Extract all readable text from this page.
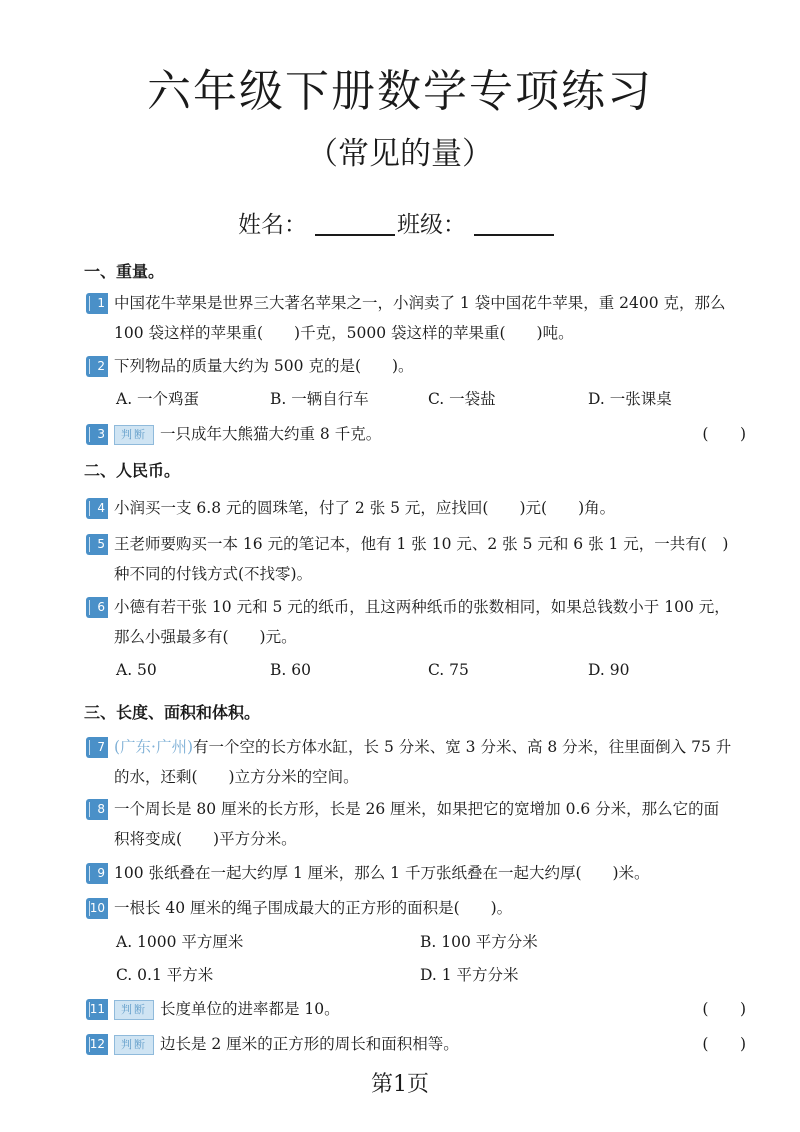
六年级下册数学专项练习
（常见的量）
姓名：	班级：
一、重量。
1 中国花牛苹果是世界三大著名苹果之一，小润卖了 1 袋中国花牛苹果，重 2400 克，那么
100 袋这样的苹果重(　　)千克，5000 袋这样的苹果重(　　)吨。
2 下列物品的质量大约为 500 克的是(　　)。
A. 一个鸡蛋	B. 一辆自行车	C. 一袋盐	D. 一张课桌
3	判断 一只成年大熊猫大约重 8 千克。	(　)
二、人民币。
4 小润买一支 6.8 元的圆珠笔，付了 2 张 5 元，应找回(　　)元(　　)角。
5 王老师要购买一本 16 元的笔记本，他有 1 张 10 元、2 张 5 元和 6 张 1 元，一共有(　)
种不同的付钱方式(不找零)。
6 小德有若干张 10 元和 5 元的纸币，且这两种纸币的张数相同，如果总钱数小于 100 元，
那么小强最多有(　　)元。
A. 50	B. 60	C. 75	D. 90
三、长度、面积和体积。
7 (广东·广州)有一个空的长方体水缸，长 5 分米、宽 3 分米、高 8 分米，往里面倒入 75 升
的水，还剩(　　)立方分米的空间。
8 一个周长是 80 厘米的长方形，长是 26 厘米，如果把它的宽增加 0.6 分米，那么它的面
积将变成(　　)平方分米。
9 100 张纸叠在一起大约厚 1 厘米，那么 1 千万张纸叠在一起大约厚(　　)米。
10 一根长 40 厘米的绳子围成最大的正方形的面积是(　　)。
A. 1000 平方厘米	B. 100 平方分米
C. 0.1 平方米	D. 1 平方分米
11	判断 长度单位的进率都是 10。	(　)
12	判断 边长是 2 厘米的正方形的周长和面积相等。	(　)
第1页
